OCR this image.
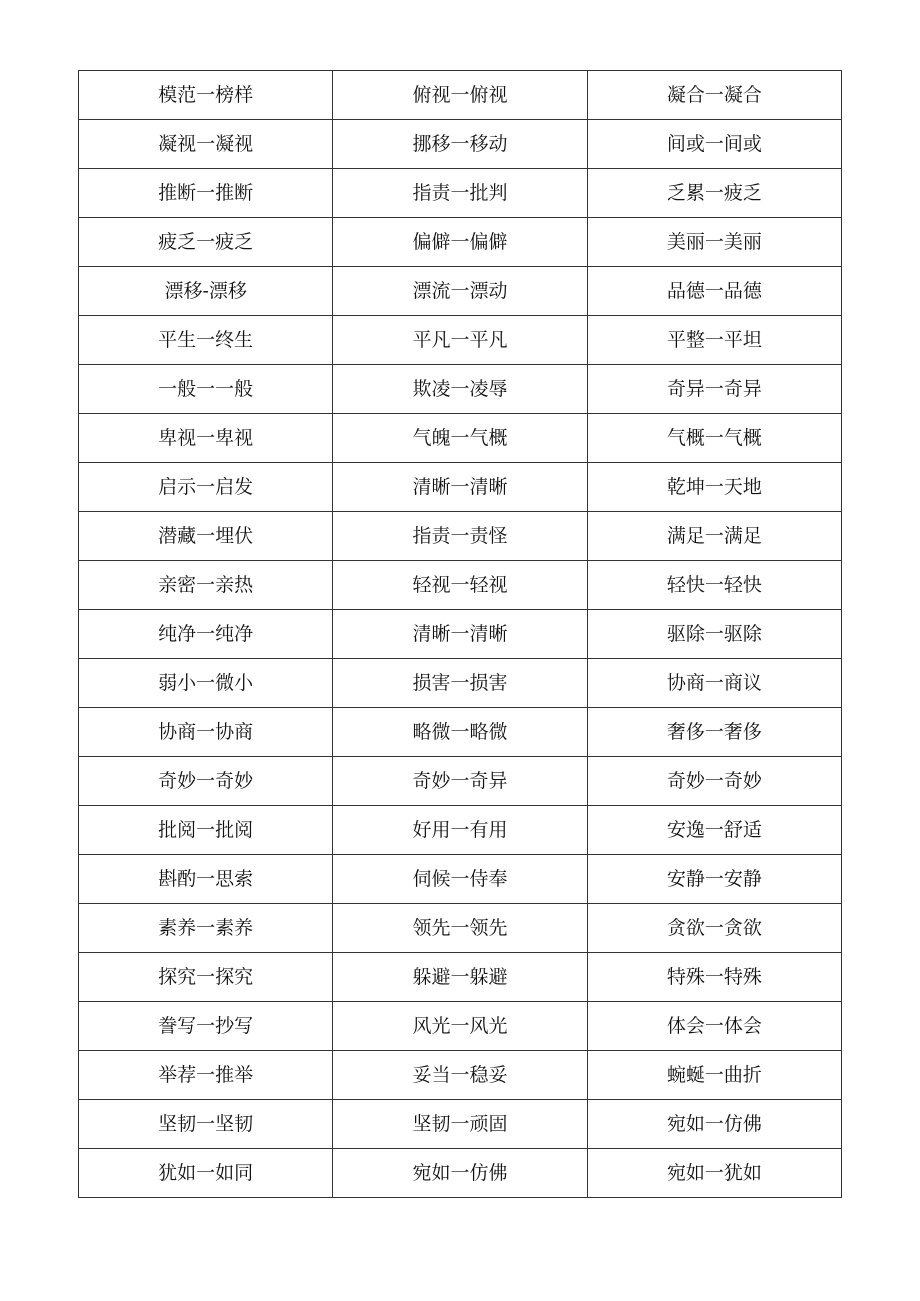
模范一榜样	俯视一俯视	凝合一凝合
凝视一凝视	挪移一移动	间或一间或
推断一推断	指责一批判	乏累一疲乏
疲乏一疲乏	偏僻一偏僻	美丽一美丽
漂移-漂移	漂流一漂动	品德一品德
平生一终生	平凡一平凡	平整一平坦
一般一一般	欺凌一凌辱	奇异一奇异
卑视一卑视	气魄一气概	气概一气概
启示一启发	清晰一清晰	乾坤一天地
潜藏一埋伏	指责一责怪	满足一满足
亲密一亲热	轻视一轻视	轻快一轻快
纯净一纯净	清晰一清晰	驱除一驱除
弱小一微小	损害一损害	协商一商议
协商一协商	略微一略微	奢侈一奢侈
奇妙一奇妙	奇妙一奇异	奇妙一奇妙
批阅一批阅	好用一有用	安逸一舒适
斟酌一思索	伺候一侍奉	安静一安静
素养一素养	领先一领先	贪欲一贪欲
探究一探究	躲避一躲避	特殊一特殊
誊写一抄写	风光一风光	体会一体会
举荐一推举	妥当一稳妥	蜿蜒一曲折
坚韧一坚韧	坚韧一顽固	宛如一仿佛
犹如一如同	宛如一仿佛	宛如一犹如
